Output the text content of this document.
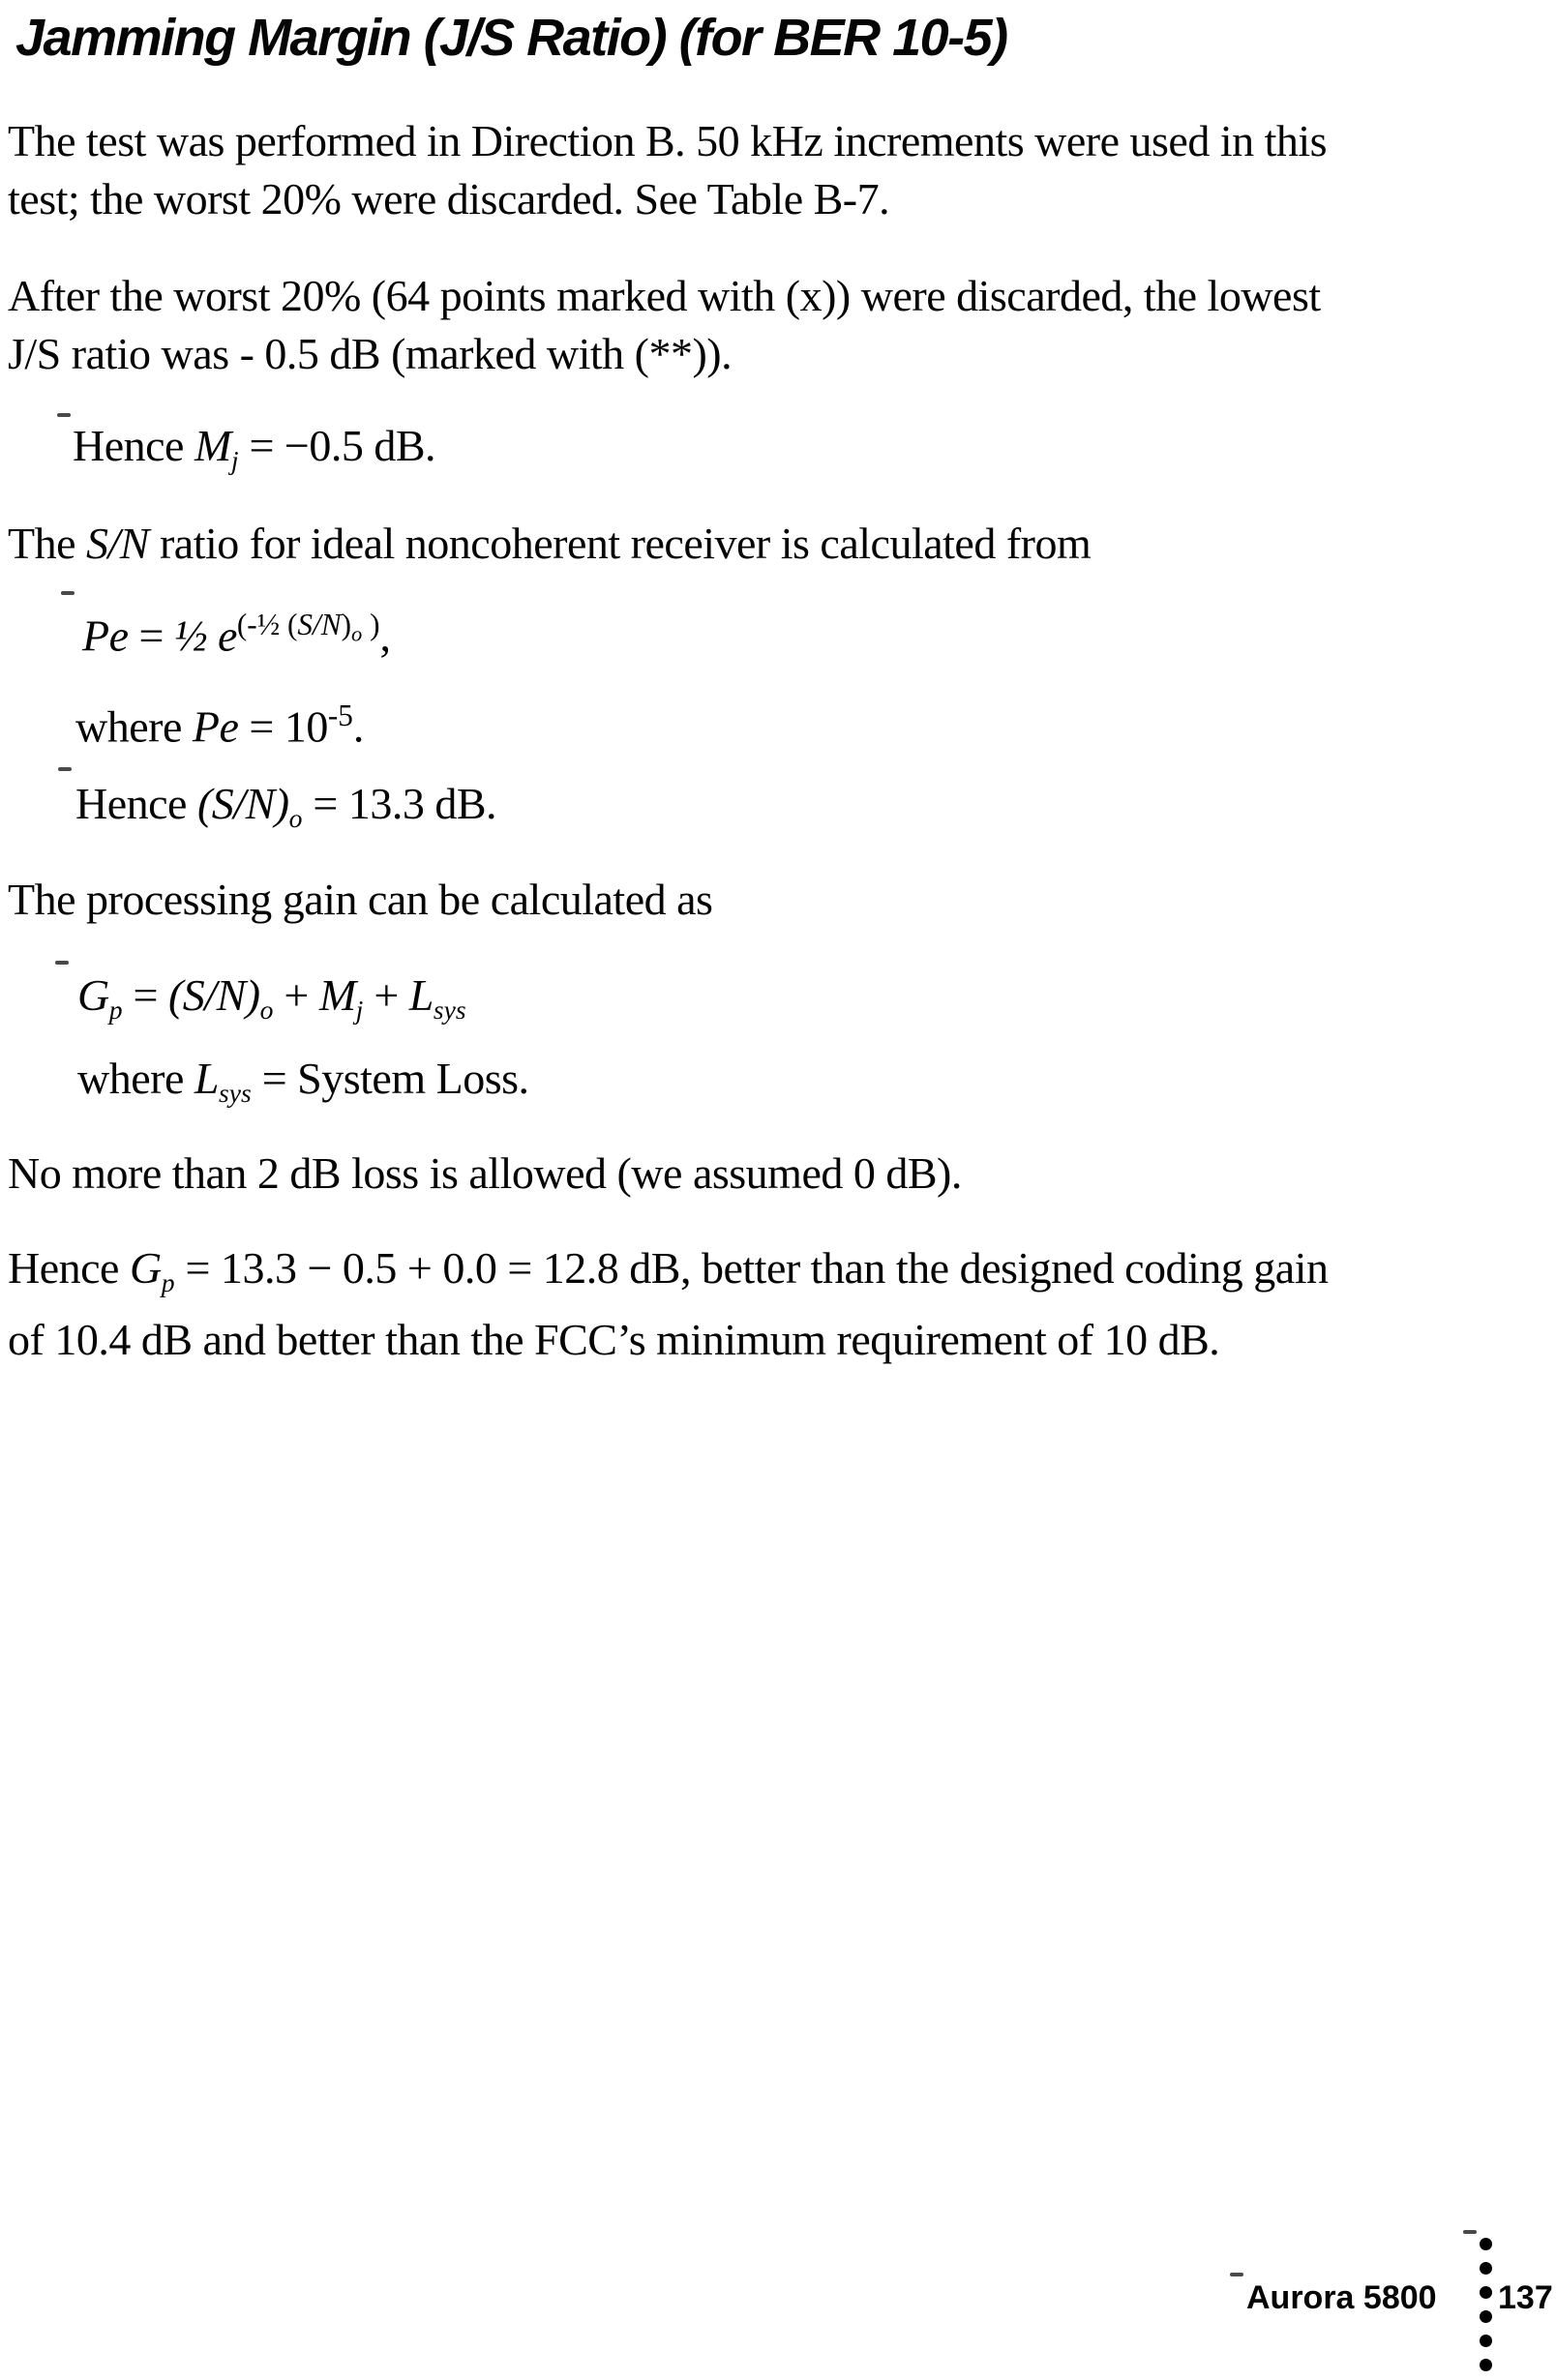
Jamming Margin (J/S Ratio) (for BER 10-5)
The test was performed in Direction B. 50 kHz increments were used in this
test; the worst 20% were discarded. See Table B-7.
After the worst 20% (64 points marked with (x)) were discarded, the lowest
J/S ratio was - 0.5 dB (marked with (**)).
Hence $M_j = -0.5$ dB.
The S/N ratio for ideal noncoherent receiver is calculated from
Pe = ½ $e^{(-\frac{1}{2} (S/N)_o )}$,
where $Pe = 10^{-5}$.
Hence $(S/N)_o = 13.3$ dB.
The processing gain can be calculated as
$G_p = (S/N)_o + M_j + L_{sys}$
where $L_{sys}$ = System Loss.
No more than 2 dB loss is allowed (we assumed 0 dB).
Hence $G_p = 13.3 - 0.5 + 0.0 = 12.8$ dB, better than the designed coding gain
of 10.4 dB and better than the FCC’s minimum requirement of 10 dB.
Aurora 5800 137
